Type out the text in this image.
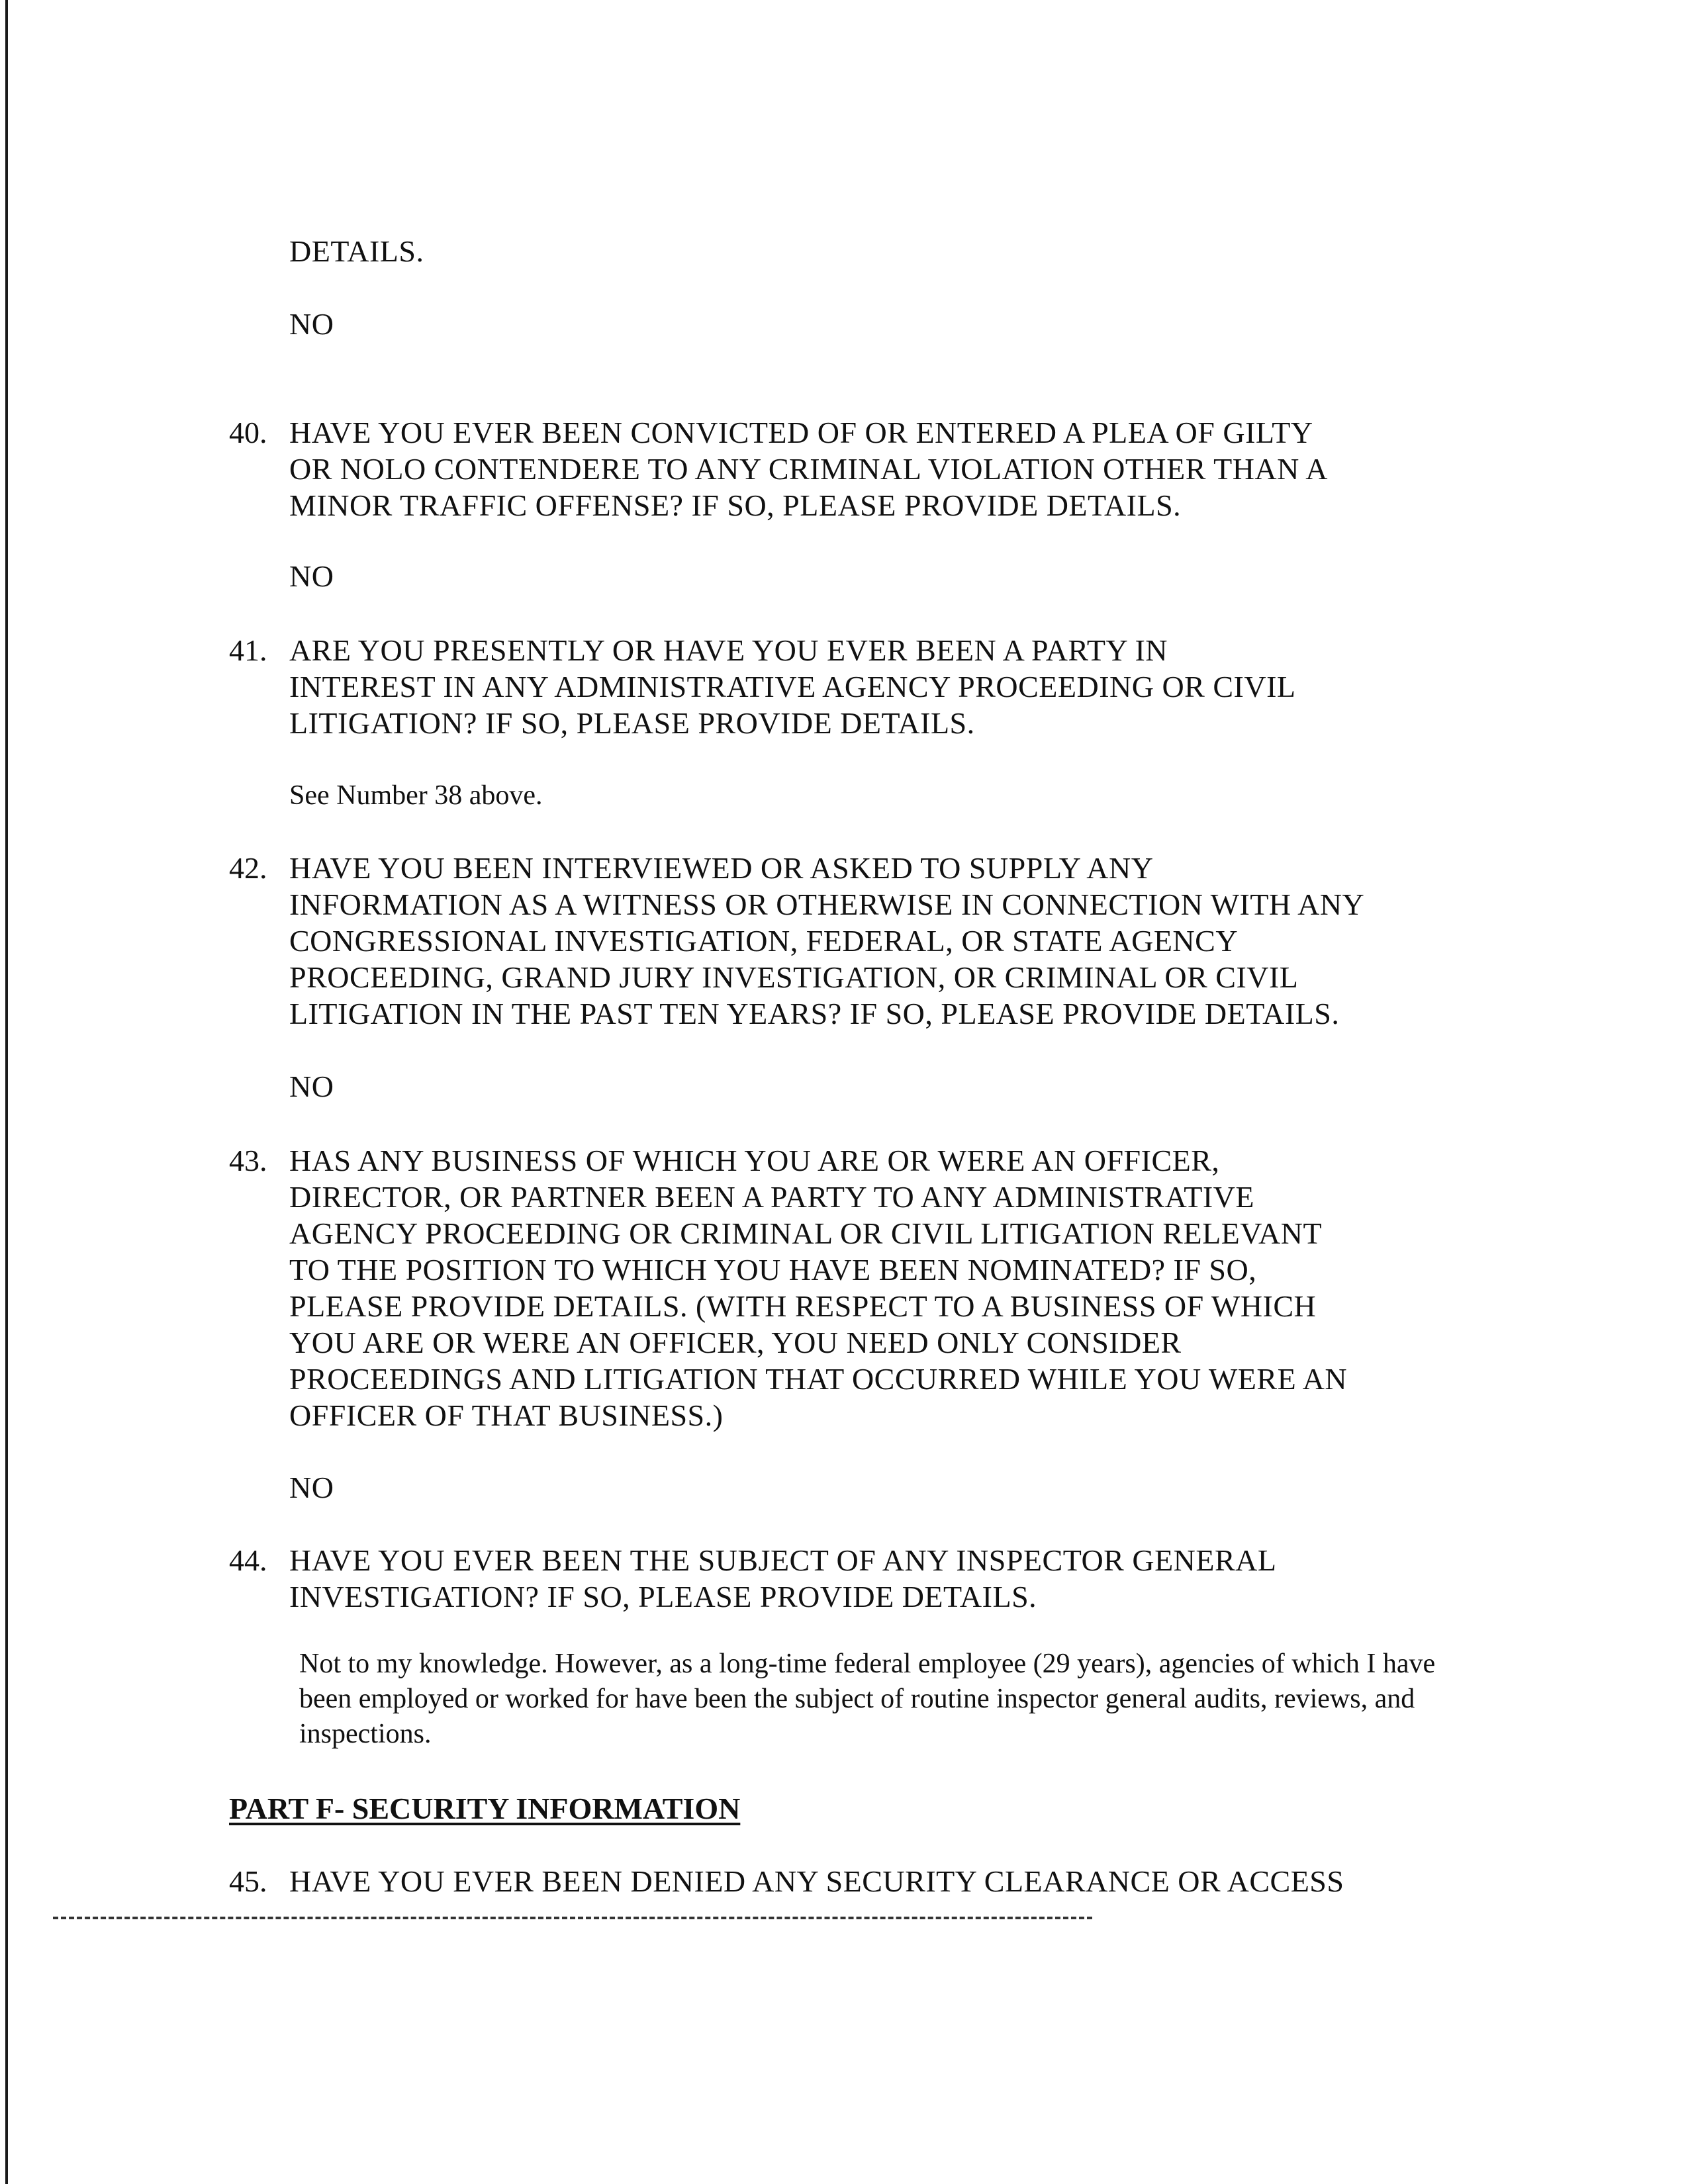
DETAILS.
NO
40. HAVE YOU EVER BEEN CONVICTED OF OR ENTERED A PLEA OF GILTY
OR NOLO CONTENDERE TO ANY CRIMINAL VIOLATION OTHER THAN A
MINOR TRAFFIC OFFENSE? IF SO, PLEASE PROVIDE DETAILS.
NO
41. ARE YOU PRESENTLY OR HAVE YOU EVER BEEN A PARTY IN
INTEREST IN ANY ADMINISTRATIVE AGENCY PROCEEDING OR CIVIL
LITIGATION? IF SO, PLEASE PROVIDE DETAILS.
See Number 38 above.
42. HAVE YOU BEEN INTERVIEWED OR ASKED TO SUPPLY ANY
INFORMATION AS A WITNESS OR OTHERWISE IN CONNECTION WITH ANY
CONGRESSIONAL INVESTIGATION, FEDERAL, OR STATE AGENCY
PROCEEDING, GRAND JURY INVESTIGATION, OR CRIMINAL OR CIVIL
LITIGATION IN THE PAST TEN YEARS? IF SO, PLEASE PROVIDE DETAILS.
NO
43. HAS ANY BUSINESS OF WHICH YOU ARE OR WERE AN OFFICER,
DIRECTOR, OR PARTNER BEEN A PARTY TO ANY ADMINISTRATIVE
AGENCY PROCEEDING OR CRIMINAL OR CIVIL LITIGATION RELEVANT
TO THE POSITION TO WHICH YOU HAVE BEEN NOMINATED? IF SO,
PLEASE PROVIDE DETAILS. (WITH RESPECT TO A BUSINESS OF WHICH
YOU ARE OR WERE AN OFFICER, YOU NEED ONLY CONSIDER
PROCEEDINGS AND LITIGATION THAT OCCURRED WHILE YOU WERE AN
OFFICER OF THAT BUSINESS.)
NO
44. HAVE YOU EVER BEEN THE SUBJECT OF ANY INSPECTOR GENERAL
INVESTIGATION? IF SO, PLEASE PROVIDE DETAILS.
Not to my knowledge. However, as a long-time federal employee (29 years), agencies of which I have been employed or worked for have been the subject of routine inspector general audits, reviews, and inspections.
PART F- SECURITY INFORMATION
45. HAVE YOU EVER BEEN DENIED ANY SECURITY CLEARANCE OR ACCESS
